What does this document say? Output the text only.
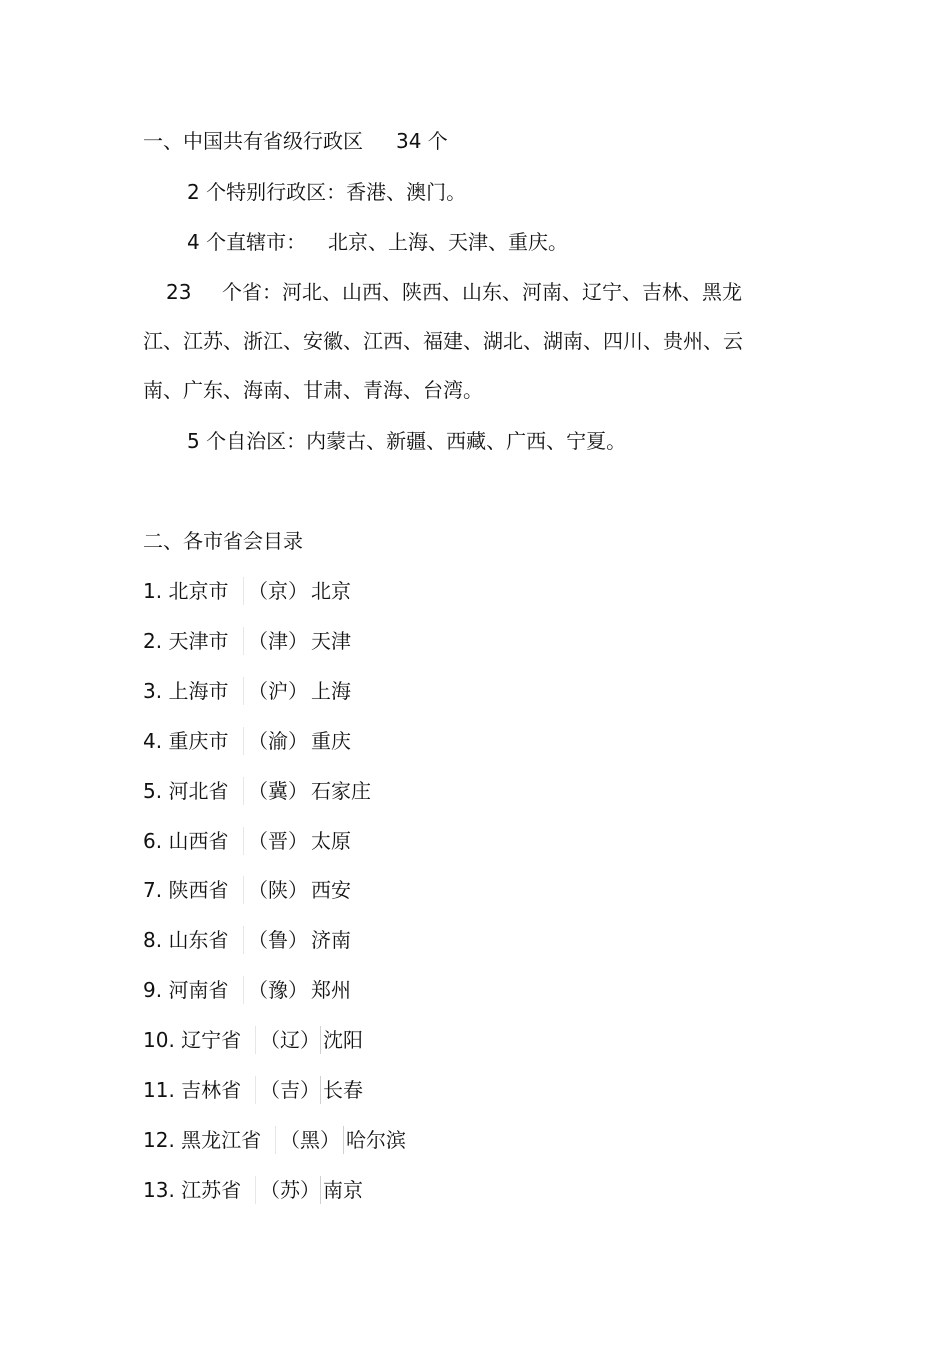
一、中国共有省级行政区 34 个
2 个特别行政区：香港、澳门。
4 个直辖市： 北京、上海、天津、重庆。
23 个省：河北、山西、陕西、山东、河南、辽宁、吉林、黑龙
江、江苏、浙江、安徽、江西、福建、湖北、湖南、四川、贵州、云
南、广东、海南、甘肃、青海、台湾。
5 个自治区：内蒙古、新疆、西藏、广西、宁夏。
二、各市省会目录
1. 北京市 （京） 北京
2. 天津市 （津） 天津
3. 上海市 （沪） 上海
4. 重庆市 （渝） 重庆
5. 河北省 （冀） 石家庄
6. 山西省 （晋） 太原
7. 陕西省 （陕） 西安
8. 山东省 （鲁） 济南
9. 河南省 （豫） 郑州
10. 辽宁省 （辽） 沈阳
11. 吉林省 （吉） 长春
12. 黑龙江省 （黑） 哈尔滨
13. 江苏省 （苏） 南京
